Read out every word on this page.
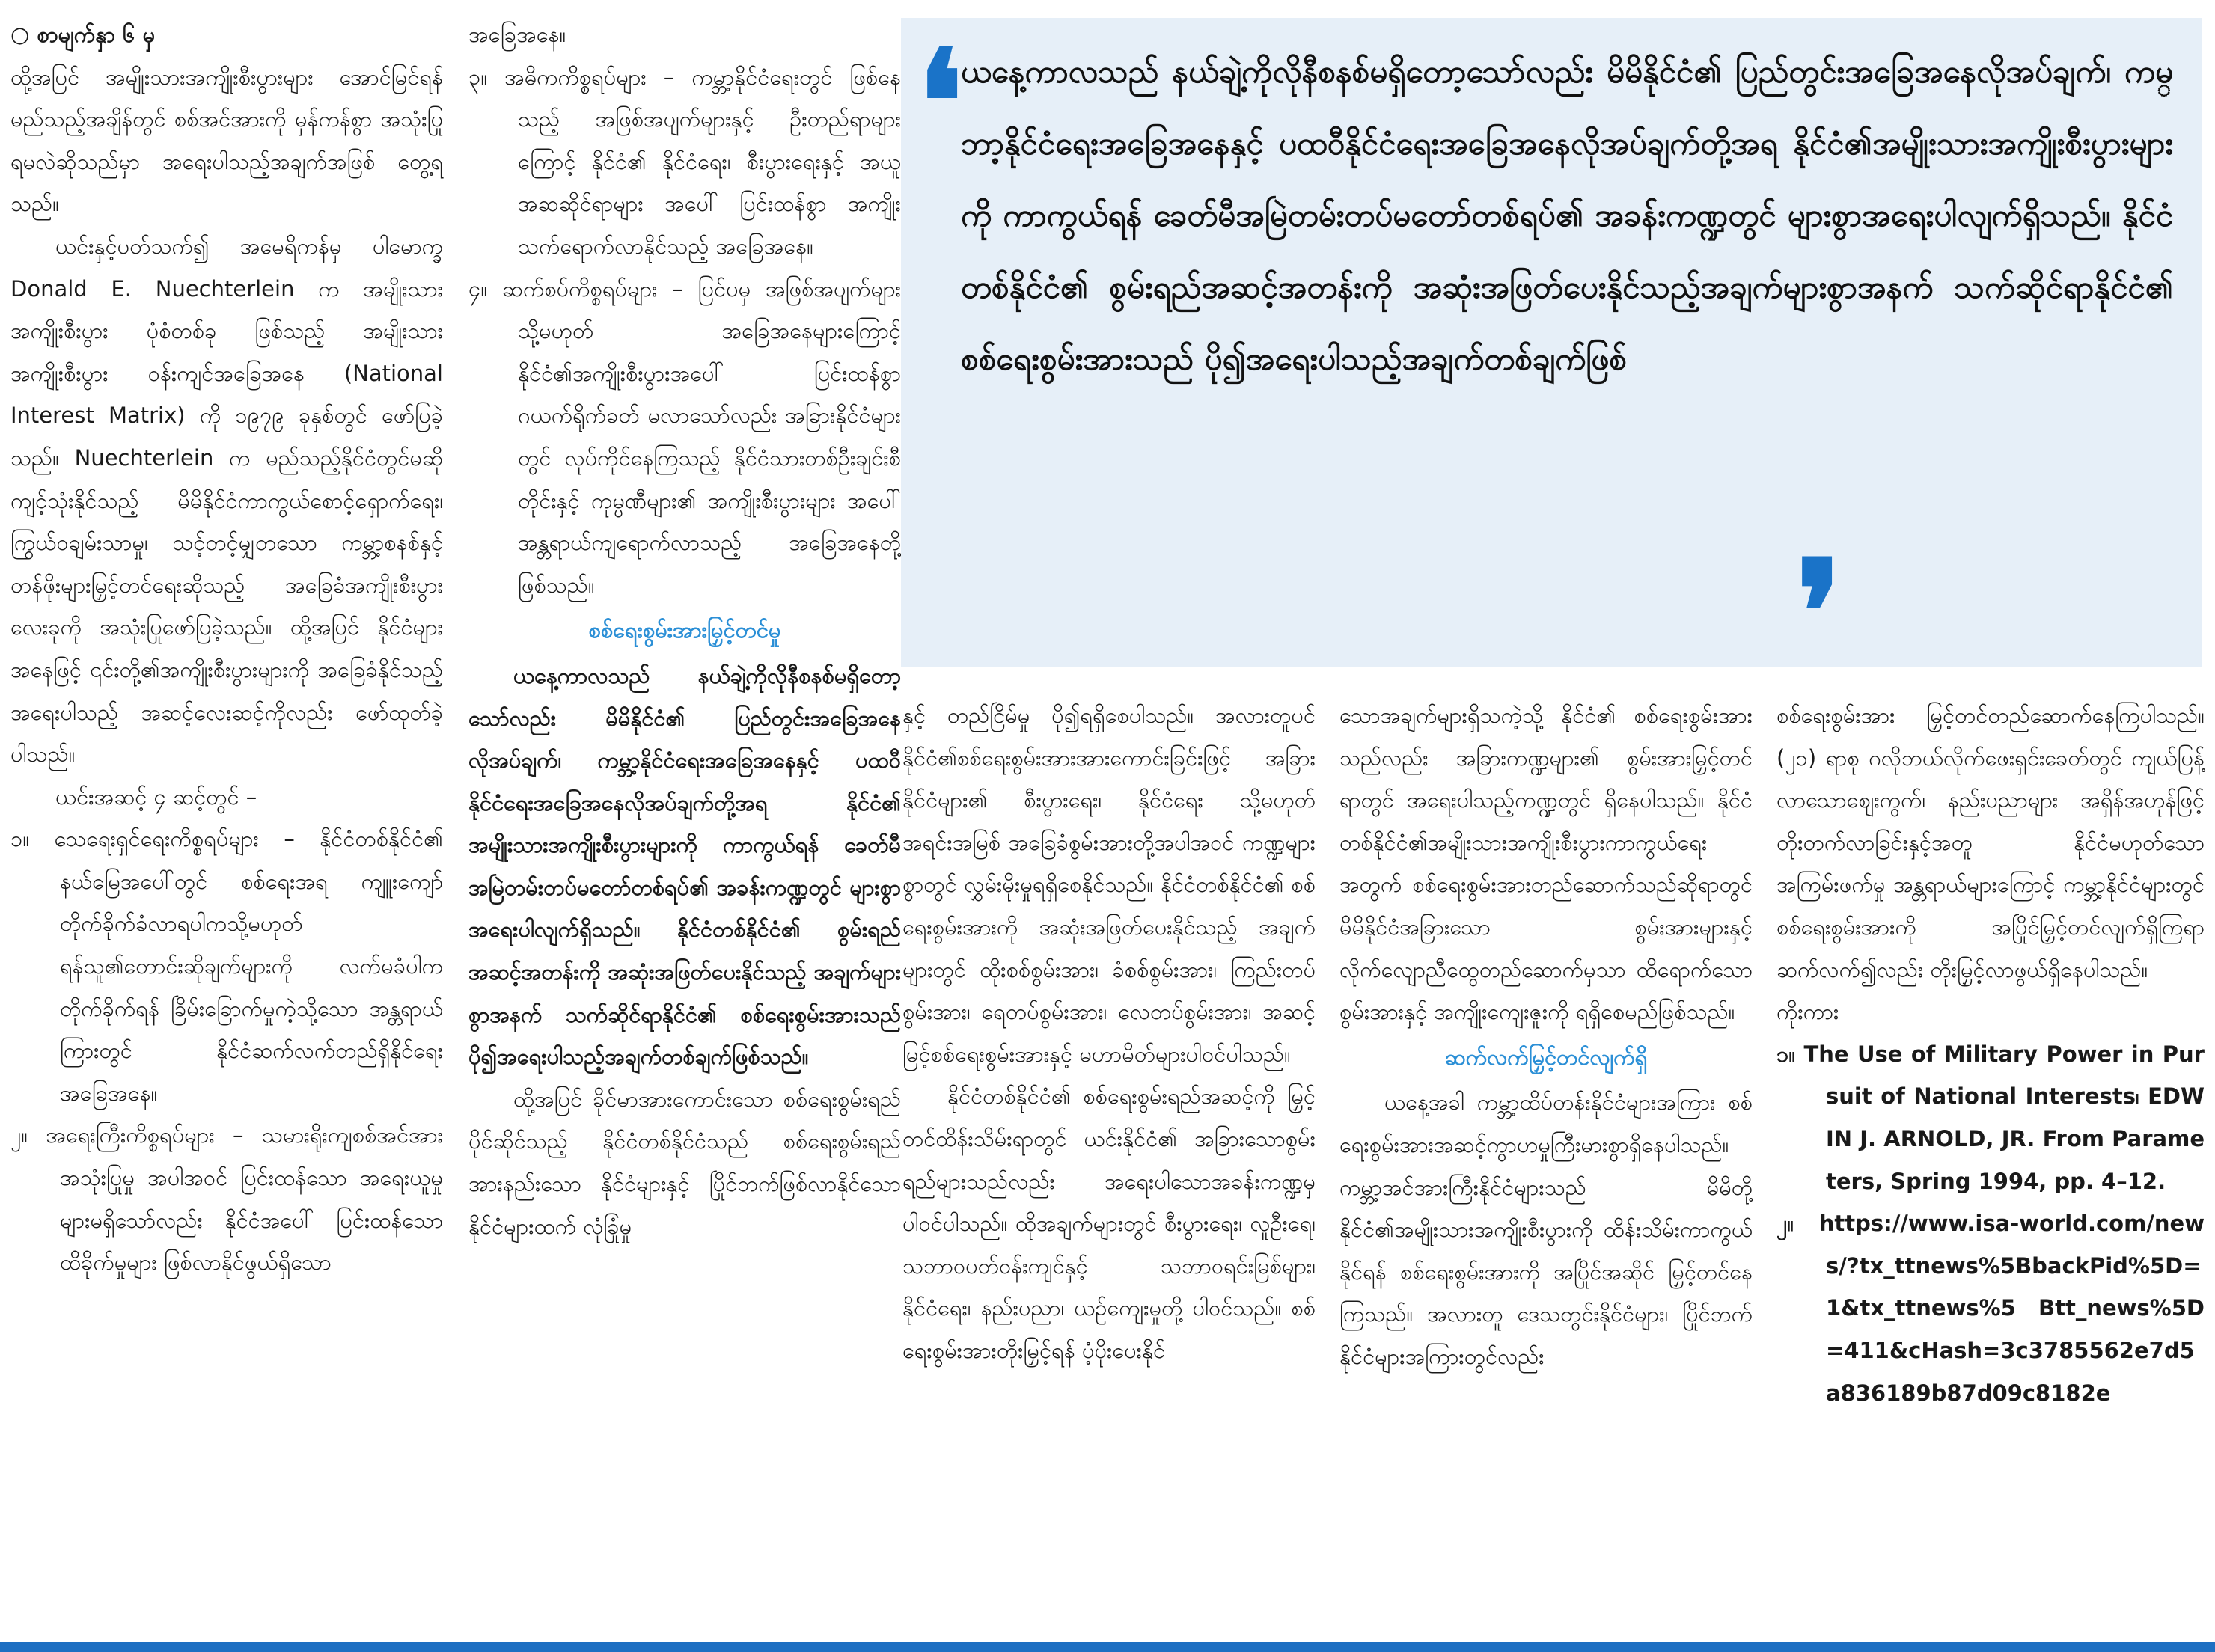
○ စာမျက်နှာ ၆ မှ

ထို့အပြင် အမျိုးသားအကျိုးစီးပွားများ အောင်မြင်ရန် မည်သည့်အချိန်တွင် စစ်အင်အားကို မှန်ကန်စွာ အသုံးပြုရမလဲဆိုသည်မှာ အရေးပါသည့်အချက်အဖြစ် တွေ့ရသည်။

ယင်းနှင့်ပတ်သက်၍ အမေရိကန်မှ ပါမောက္ခ Donald E. Nuechterlein က အမျိုးသားအကျိုးစီးပွား ပုံစံတစ်ခု ဖြစ်သည့် အမျိုးသားအကျိုးစီးပွား ဝန်းကျင်အခြေအနေ (National Interest Matrix) ကို ၁၉၇၉ ခုနှစ်တွင် ဖော်ပြခဲ့သည်။ Nuechterlein က မည်သည့်နိုင်ငံတွင်မဆို ကျင့်သုံးနိုင်သည့် မိမိနိုင်ငံကာကွယ်စောင့်ရှောက်ရေး၊ ကြွယ်ဝချမ်းသာမှု၊ သင့်တင့်မျှတသော ကမ္ဘာ့စနစ်နှင့် တန်ဖိုးများမြှင့်တင်ရေးဆိုသည့် အခြေခံအကျိုးစီးပွား လေးခုကို အသုံးပြုဖော်ပြခဲ့သည်။ ထို့အပြင် နိုင်ငံများ အနေဖြင့် ၎င်းတို့၏အကျိုးစီးပွားများကို အခြေခံနိုင်သည့် အရေးပါသည့် အဆင့်လေးဆင့်ကိုလည်း ဖော်ထုတ်ခဲ့ပါသည်။

ယင်းအဆင့် ၄ ဆင့်တွင် –

၁။ သေရေးရှင်ရေးကိစ္စရပ်များ – နိုင်ငံတစ်နိုင်ငံ၏ နယ်မြေအပေါ်တွင် စစ်ရေးအရ ကျူးကျော်တိုက်ခိုက်ခံလာရပါကသို့မဟုတ် ရန်သူ၏တောင်းဆိုချက်များကို လက်မခံပါက တိုက်ခိုက်ရန် ခြိမ်းခြောက်မှုကဲ့သို့သော အန္တရာယ်ကြားတွင် နိုင်ငံဆက်လက်တည်ရှိနိုင်ရေး အခြေအနေ။

၂။ အရေးကြီးကိစ္စရပ်များ – သမားရိုးကျစစ်အင်အားအသုံးပြုမှု အပါအဝင် ပြင်းထန်သော အရေးယူမှုများမရှိသော်လည်း နိုင်ငံအပေါ် ပြင်းထန်သော ထိခိုက်မှုများ ဖြစ်လာနိုင်ဖွယ်ရှိသော

အခြေအနေ။

၃။ အဓိကကိစ္စရပ်များ – ကမ္ဘာ့နိုင်ငံရေးတွင် ဖြစ်နေသည့် အဖြစ်အပျက်များနှင့် ဦးတည်ရာများကြောင့် နိုင်ငံ၏ နိုင်ငံရေး၊ စီးပွားရေးနှင့် အယူအဆဆိုင်ရာများ အပေါ် ပြင်းထန်စွာ အကျိုးသက်ရောက်လာနိုင်သည့် အခြေအနေ။

၄။ ဆက်စပ်ကိစ္စရပ်များ – ပြင်ပမှ အဖြစ်အပျက်များ သို့မဟုတ် အခြေအနေများကြောင့် နိုင်ငံ၏အကျိုးစီးပွားအပေါ် ပြင်းထန်စွာ ဂယက်ရိုက်ခတ် မလာသော်လည်း အခြားနိုင်ငံများတွင် လုပ်ကိုင်နေကြသည့် နိုင်ငံသားတစ်ဦးချင်းစီတိုင်းနှင့် ကုမ္ပဏီများ၏ အကျိုးစီးပွားများ အပေါ် အန္တရာယ်ကျရောက်လာသည့် အခြေအနေတို့ဖြစ်သည်။

စစ်ရေးစွမ်းအားမြှင့်တင်မှု

ယနေ့ကာလသည် နယ်ချဲ့ကိုလိုနီစနစ်မရှိတော့သော်လည်း မိမိနိုင်ငံ၏ ပြည်တွင်းအခြေအနေလိုအပ်ချက်၊ ကမ္ဘာ့နိုင်ငံရေးအခြေအနေနှင့် ပထဝီနိုင်ငံရေးအခြေအနေလိုအပ်ချက်တို့အရ နိုင်ငံ၏ အမျိုးသားအကျိုးစီးပွားများကို ကာကွယ်ရန် ခေတ်မီအမြဲတမ်းတပ်မတော်တစ်ရပ်၏ အခန်းကဏ္ဍတွင် များစွာအရေးပါလျက်ရှိသည်။ နိုင်ငံတစ်နိုင်ငံ၏ စွမ်းရည်အဆင့်အတန်းကို အဆုံးအဖြတ်ပေးနိုင်သည့် အချက်များစွာအနက် သက်ဆိုင်ရာနိုင်ငံ၏ စစ်ရေးစွမ်းအားသည် ပို၍အရေးပါသည့်အချက်တစ်ချက်ဖြစ်သည်။

ထို့အပြင် ခိုင်မာအားကောင်းသော စစ်ရေးစွမ်းရည် ပိုင်ဆိုင်သည့် နိုင်ငံတစ်နိုင်ငံသည် စစ်ရေးစွမ်းရည်အားနည်းသော နိုင်ငံများနှင့် ပြိုင်ဘက်ဖြစ်လာနိုင်သော နိုင်ငံများထက် လုံခြုံမှု

❛
ယနေ့ကာလသည် နယ်ချဲ့ကိုလိုနီစနစ်မရှိတော့သော်လည်း မိမိနိုင်ငံ၏ ပြည်တွင်းအခြေအနေလိုအပ်ချက်၊ ကမ္ဘာ့နိုင်ငံရေးအခြေအနေနှင့် ပထဝီနိုင်ငံရေးအခြေအနေလိုအပ်ချက်တို့အရ နိုင်ငံ၏အမျိုးသားအကျိုးစီးပွားများကို ကာကွယ်ရန် ခေတ်မီအမြဲတမ်းတပ်မတော်တစ်ရပ်၏ အခန်းကဏ္ဍတွင် များစွာအရေးပါလျက်ရှိသည်။ နိုင်ငံတစ်နိုင်ငံ၏ စွမ်းရည်အဆင့်အတန်းကို အဆုံးအဖြတ်ပေးနိုင်သည့်အချက်များစွာအနက် သက်ဆိုင်ရာနိုင်ငံ၏ စစ်ရေးစွမ်းအားသည် ပို၍အရေးပါသည့်အချက်တစ်ချက်ဖြစ်
❜

နှင့် တည်ငြိမ်မှု ပို၍ရရှိစေပါသည်။ အလားတူပင် နိုင်ငံ၏စစ်ရေးစွမ်းအားအားကောင်းခြင်းဖြင့် အခြားနိုင်ငံများ၏ စီးပွားရေး၊ နိုင်ငံရေး သို့မဟုတ် အရင်းအမြစ် အခြေခံစွမ်းအားတို့အပါအဝင် ကဏ္ဍများစွာတွင် လွှမ်းမိုးမှုရရှိစေနိုင်သည်။ နိုင်ငံတစ်နိုင်ငံ၏ စစ်ရေးစွမ်းအားကို အဆုံးအဖြတ်ပေးနိုင်သည့် အချက်များတွင် ထိုးစစ်စွမ်းအား၊ ခံစစ်စွမ်းအား၊ ကြည်းတပ်စွမ်းအား၊ ရေတပ်စွမ်းအား၊ လေတပ်စွမ်းအား၊ အဆင့်မြင့်စစ်ရေးစွမ်းအားနှင့် မဟာမိတ်များပါဝင်ပါသည်။

နိုင်ငံတစ်နိုင်ငံ၏ စစ်ရေးစွမ်းရည်အဆင့်ကို မြှင့်တင်ထိန်းသိမ်းရာတွင် ယင်းနိုင်ငံ၏ အခြားသောစွမ်းရည်များသည်လည်း အရေးပါသောအခန်းကဏ္ဍမှ ပါဝင်ပါသည်။ ထိုအချက်များတွင် စီးပွားရေး၊ လူဦးရေ၊ သဘာဝပတ်ဝန်းကျင်နှင့် သဘာဝရင်းမြစ်များ၊ နိုင်ငံရေး၊ နည်းပညာ၊ ယဉ်ကျေးမှုတို့ ပါဝင်သည်။ စစ်ရေးစွမ်းအားတိုးမြှင့်ရန် ပံ့ပိုးပေးနိုင်

သောအချက်များရှိသကဲ့သို့ နိုင်ငံ၏ စစ်ရေးစွမ်းအားသည်လည်း အခြားကဏ္ဍများ၏ စွမ်းအားမြှင့်တင်ရာတွင် အရေးပါသည့်ကဏ္ဍတွင် ရှိနေပါသည်။ နိုင်ငံတစ်နိုင်ငံ၏အမျိုးသားအကျိုးစီးပွားကာကွယ်ရေးအတွက် စစ်ရေးစွမ်းအားတည်ဆောက်သည်ဆိုရာတွင် မိမိနိုင်ငံအခြားသော စွမ်းအားများနှင့်လိုက်လျောညီထွေတည်ဆောက်မှသာ ထိရောက်သောစွမ်းအားနှင့် အကျိုးကျေးဇူးကို ရရှိစေမည်ဖြစ်သည်။

ဆက်လက်မြှင့်တင်လျက်ရှိ

ယနေ့အခါ ကမ္ဘာ့ထိပ်တန်းနိုင်ငံများအကြား စစ်ရေးစွမ်းအားအဆင့်ကွာဟမှုကြီးမားစွာရှိနေပါသည်။ ကမ္ဘာ့အင်အားကြီးနိုင်ငံများသည် မိမိတို့နိုင်ငံ၏အမျိုးသားအကျိုးစီးပွားကို ထိန်းသိမ်းကာကွယ်နိုင်ရန် စစ်ရေးစွမ်းအားကို အပြိုင်အဆိုင် မြှင့်တင်နေကြသည်။ အလားတူ ဒေသတွင်းနိုင်ငံများ၊ ပြိုင်ဘက်နိုင်ငံများအကြားတွင်လည်း

စစ်ရေးစွမ်းအား မြှင့်တင်တည်ဆောက်နေကြပါသည်။ (၂၁) ရာစု ဂလိုဘယ်လိုက်ဖေးရှင်းခေတ်တွင် ကျယ်ပြန့်လာသောစျေးကွက်၊ နည်းပညာများ အရှိန်အဟုန်ဖြင့် တိုးတက်လာခြင်းနှင့်အတူ နိုင်ငံမဟုတ်သော အကြမ်းဖက်မှု အန္တရာယ်များကြောင့် ကမ္ဘာ့နိုင်ငံများတွင် စစ်ရေးစွမ်းအားကို အပြိုင်မြှင့်တင်လျက်ရှိကြရာ ဆက်လက်၍လည်း တိုးမြှင့်လာဖွယ်ရှိနေပါသည်။

ကိုးကား

၁။ The Use of Military Power in Pursuit of National Interests၊ EDWIN J. ARNOLD, JR. From Parameters, Spring 1994, pp. 4–12.

၂။ https://www.isa-world.com/news/?tx_ttnews%5BbackPid%5D=1&tx_ttnews%5 Btt_news%5D=411&cHash=3c3785562e7d5a836189b87d09c8182e
